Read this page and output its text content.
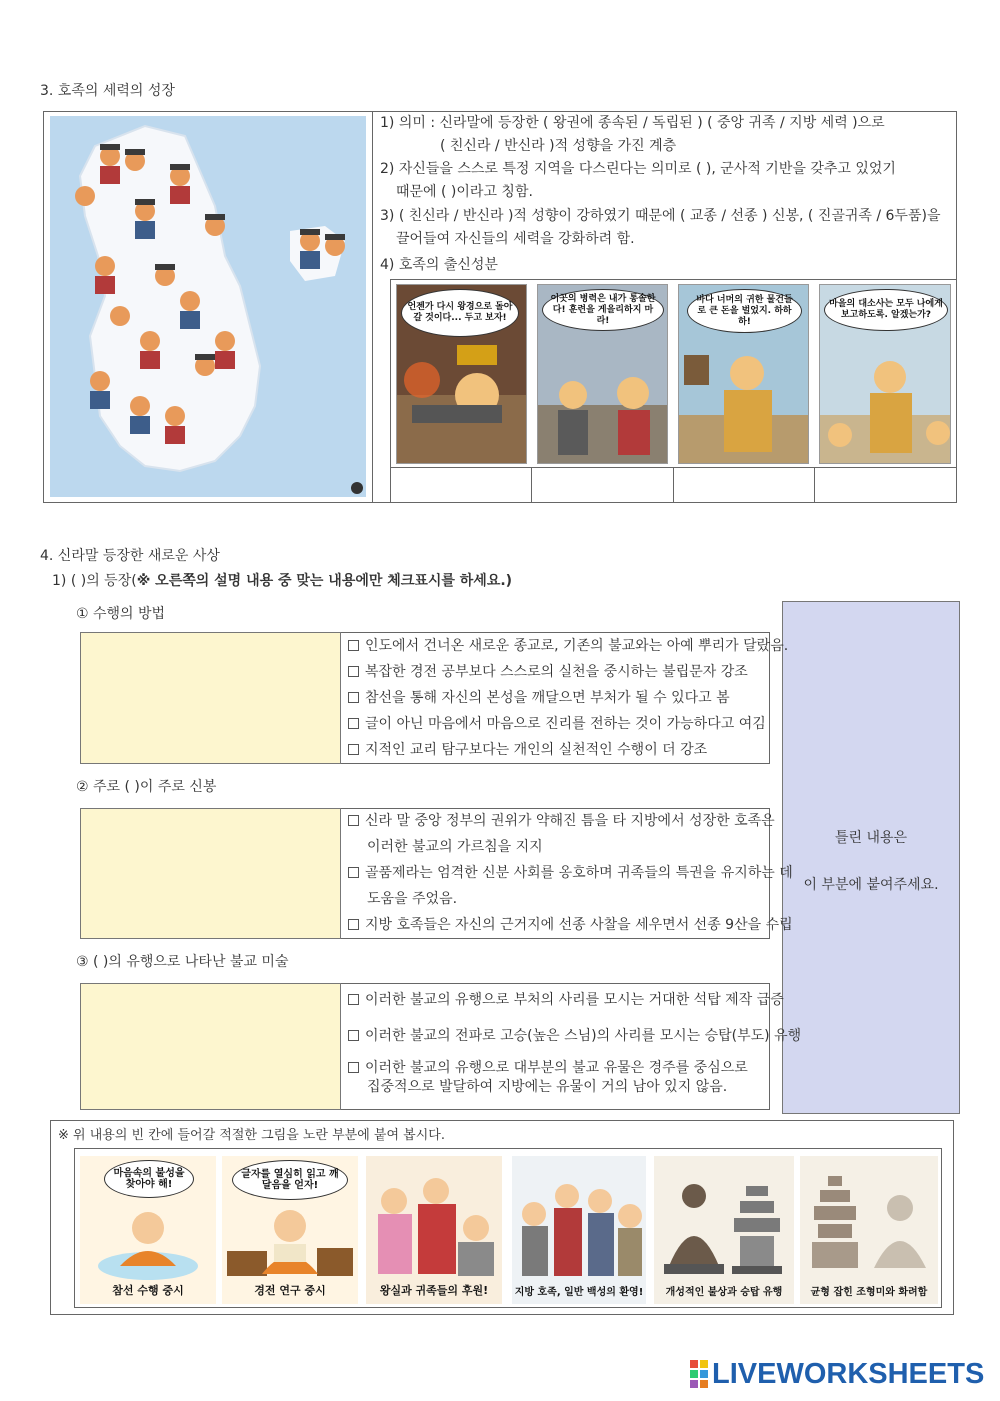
3. 호족의 세력의 성장
1) 의미 : 신라말에 등장한 ( 왕권에 종속된 / 독립된 ) ( 중앙 귀족 / 지방 세력 )으로
( 친신라 / 반신라 )적 성향을 가진 계층
2) 자신들을 스스로 특정 지역을 다스린다는 의미로 ( ), 군사적 기반을 갖추고 있었기
때문에 ( )이라고 칭함.
3) ( 친신라 / 반신라 )적 성향이 강하였기 때문에 ( 교종 / 선종 ) 신봉, ( 진골귀족 / 6두품)을
끌어들여 자신들의 세력을 강화하려 함.
4) 호족의 출신성분
언젠가 다시 왕경으로 돌아갈 것이다... 두고 보자!
이곳의 병력은 내가 통솔한다! 훈련을 게을리하지 마라!
바다 너머의 귀한 물건들로 큰 돈을 벌었지. 하하하!
마을의 대소사는 모두 나에게 보고하도록. 알겠는가?
4. 신라말 등장한 새로운 사상
1) ( )의 등장(※ 오른쪽의 설명 내용 중 맞는 내용에만 체크표시를 하세요.)
틀린 내용은
이 부분에 붙여주세요.
① 수행의 방법
인도에서 건너온 새로운 종교로, 기존의 불교와는 아예 뿌리가 달랐음.
복잡한 경전 공부보다 스스로의 실천을 중시하는 불립문자 강조
참선을 통해 자신의 본성을 깨달으면 부처가 될 수 있다고 봄
글이 아닌 마음에서 마음으로 진리를 전하는 것이 가능하다고 여김
지적인 교리 탐구보다는 개인의 실천적인 수행이 더 강조
② 주로 ( )이 주로 신봉
신라 말 중앙 정부의 권위가 약해진 틈을 타 지방에서 성장한 호족은
이러한 불교의 가르침을 지지
골품제라는 엄격한 신분 사회를 옹호하며 귀족들의 특권을 유지하는 데
도움을 주었음.
지방 호족들은 자신의 근거지에 선종 사찰을 세우면서 선종 9산을 수립
③ ( )의 유행으로 나타난 불교 미술
이러한 불교의 유행으로 부처의 사리를 모시는 거대한 석탑 제작 급증
이러한 불교의 전파로 고승(높은 스님)의 사리를 모시는 승탑(부도) 유행
이러한 불교의 유행으로 대부분의 불교 유물은 경주를 중심으로
집중적으로 발달하여 지방에는 유물이 거의 남아 있지 않음.
※ 위 내용의 빈 칸에 들어갈 적절한 그림을 노란 부분에 붙여 봅시다.
마음속의 불성을 찾아야 해!
참선 수행 중시
글자를 열심히 읽고 깨달음을 얻자!
경전 연구 중시	왕실과 귀족들의 후원!	지방 호족, 일반 백성의 환영!	개성적인 불상과 승탑 유행	균형 잡힌 조형미와 화려함
LIVEWORKSHEETS
